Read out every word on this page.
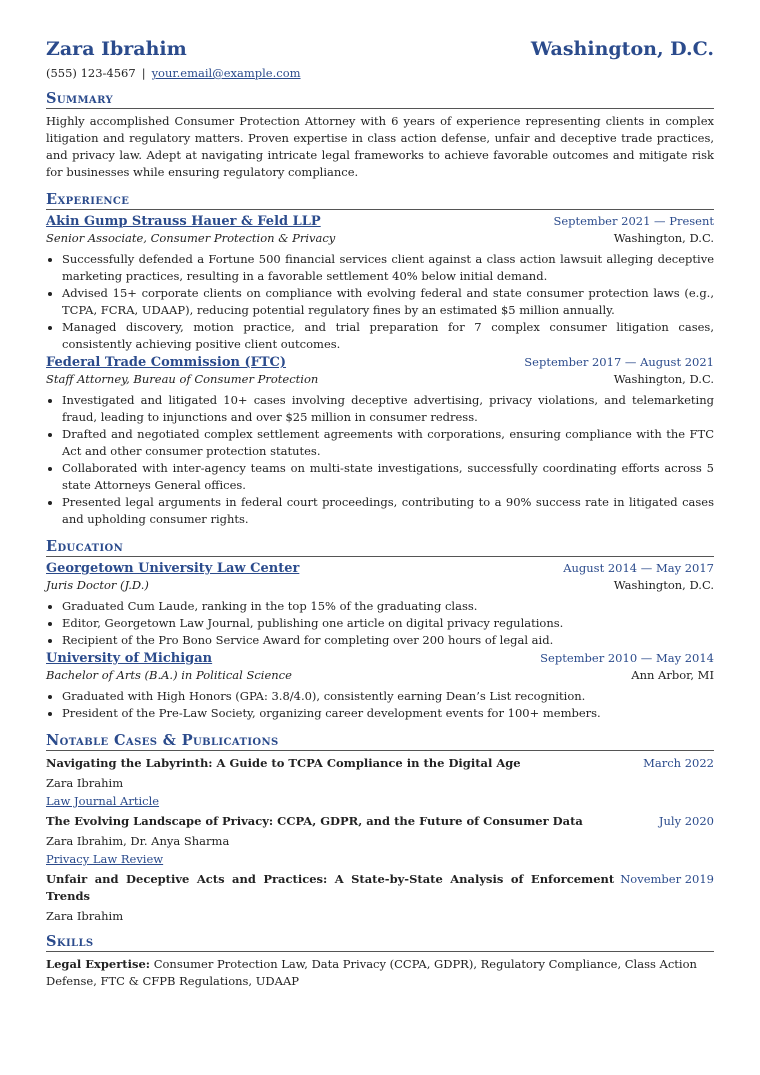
Zara Ibrahim	Washington, D.C.
(555) 123-4567 | your.email@example.com
Summary
Highly accomplished Consumer Protection Attorney with 6 years of experience representing clients in complex litigation and regulatory matters. Proven expertise in class action defense, unfair and deceptive trade practices, and privacy law. Adept at navigating intricate legal frameworks to achieve favorable outcomes and mitigate risk for businesses while ensuring regulatory compliance.
Experience
Akin Gump Strauss Hauer & Feld LLP	September 2021 — Present
Senior Associate, Consumer Protection & Privacy	Washington, D.C.
• Successfully defended a Fortune 500 financial services client against a class action lawsuit alleging deceptive marketing practices, resulting in a favorable settlement 40% below initial demand.
• Advised 15+ corporate clients on compliance with evolving federal and state consumer protection laws (e.g., TCPA, FCRA, UDAAP), reducing potential regulatory fines by an estimated $5 million annually.
• Managed discovery, motion practice, and trial preparation for 7 complex consumer litigation cases, consistently achieving positive client outcomes.
Federal Trade Commission (FTC)	September 2017 — August 2021
Staff Attorney, Bureau of Consumer Protection	Washington, D.C.
• Investigated and litigated 10+ cases involving deceptive advertising, privacy violations, and telemarketing fraud, leading to injunctions and over $25 million in consumer redress.
• Drafted and negotiated complex settlement agreements with corporations, ensuring compliance with the FTC Act and other consumer protection statutes.
• Collaborated with inter-agency teams on multi-state investigations, successfully coordinating efforts across 5 state Attorneys General offices.
• Presented legal arguments in federal court proceedings, contributing to a 90% success rate in litigated cases and upholding consumer rights.
Education
Georgetown University Law Center	August 2014 — May 2017
Juris Doctor (J.D.)	Washington, D.C.
• Graduated Cum Laude, ranking in the top 15% of the graduating class.
• Editor, Georgetown Law Journal, publishing one article on digital privacy regulations.
• Recipient of the Pro Bono Service Award for completing over 200 hours of legal aid.
University of Michigan	September 2010 — May 2014
Bachelor of Arts (B.A.) in Political Science	Ann Arbor, MI
• Graduated with High Honors (GPA: 3.8/4.0), consistently earning Dean’s List recognition.
• President of the Pre-Law Society, organizing career development events for 100+ members.
Notable Cases & Publications
Navigating the Labyrinth: A Guide to TCPA Compliance in the Digital Age	March 2022
Zara Ibrahim
Law Journal Article
The Evolving Landscape of Privacy: CCPA, GDPR, and the Future of Consumer Data	July 2020
Zara Ibrahim, Dr. Anya Sharma
Privacy Law Review
Unfair and Deceptive Acts and Practices: A State-by-State Analysis of Enforcement Trends
November 2019
Zara Ibrahim
Skills
Legal Expertise: Consumer Protection Law, Data Privacy (CCPA, GDPR), Regulatory Compliance, Class Action Defense, FTC & CFPB Regulations, UDAAP
